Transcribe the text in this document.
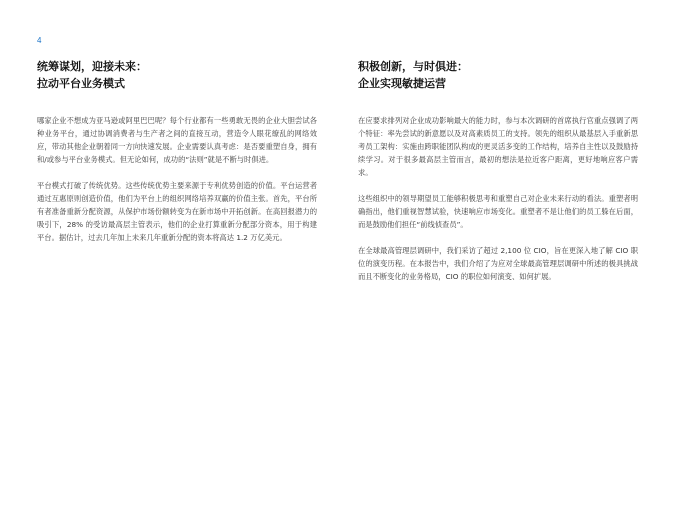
4
统筹谋划，迎接未来：
拉动平台业务模式

哪家企业不想成为亚马逊或阿里巴巴呢？每个行业都有一些勇敢无畏的企业大胆尝试各种业务平台，通过协调消费者与生产者之间的直接互动，营造令人眼花缭乱的网络效应，带动其他企业朝着同一方向快速发展。企业需要认真考虑：是否要重塑自身，拥有和/或参与平台业务模式。但无论如何，成功的“法则”就是不断与时俱进。

平台模式打破了传统优势。这些传统优势主要来源于专利优势创造的价值。平台运营者通过互惠原则创造价值，他们为平台上的组织网络培养双赢的价值主张。首先，平台所有者准备重新分配资源，从保护市场份额转变为在新市场中开拓创新。在高回报潜力的吸引下，28% 的受访最高层主管表示，他们的企业打算重新分配部分资本，用于构建平台。据估计，过去几年加上未来几年重新分配的资本将高达 1.2 万亿美元。

积极创新，与时俱进：
企业实现敏捷运营

在应要求排列对企业成功影响最大的能力时，参与本次调研的首席执行官重点强调了两个特征：率先尝试的新意愿以及对高素质员工的支持。领先的组织从最基层入手重新思考员工架构：实施由跨职能团队构成的更灵活多变的工作结构，培养自主性以及鼓励持续学习。对于很多最高层主管而言，最初的想法是拉近客户距离，更好地响应客户需求。

这些组织中的领导期望员工能够积极思考和重塑自己对企业未来行动的看法。重塑者明确指出，他们重视智慧试验，快速响应市场变化。重塑者不是让他们的员工躲在后面，而是鼓励他们担任“前线侦查员”。

在全球最高管理层调研中，我们采访了超过 2,100 位 CIO，旨在更深入地了解 CIO 职位的演变历程。在本报告中，我们介绍了为应对全球最高管理层调研中所述的极具挑战而且不断变化的业务格局，CIO 的职位如何演变、如何扩展。
